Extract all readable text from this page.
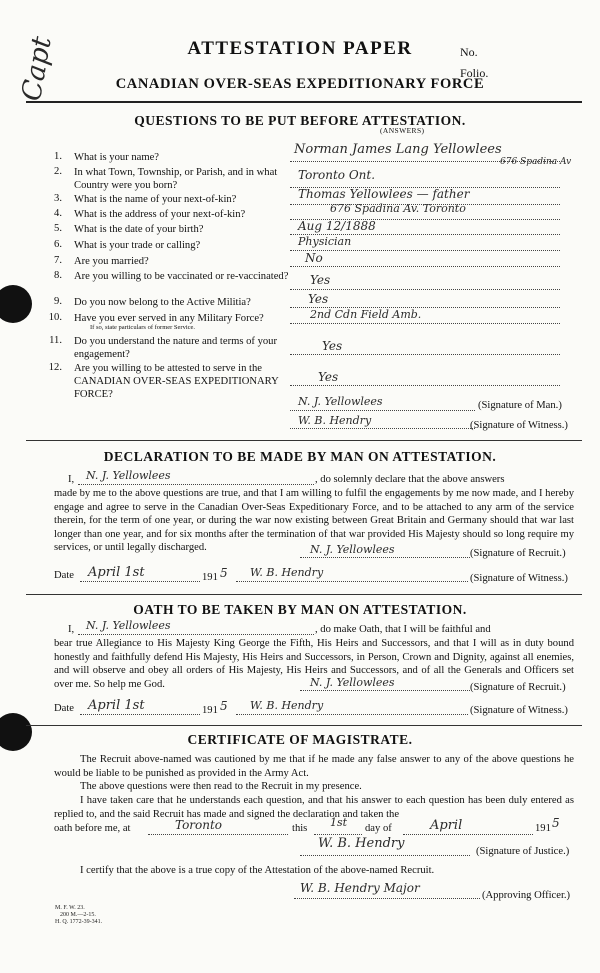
Capt	ATTESTATION PAPER	No.
CANADIAN OVER-SEAS EXPEDITIONARY FORCE
Folio.
QUESTIONS TO BE PUT BEFORE ATTESTATION.
(ANSWERS)
1. What is your name?
Norman James Lang Yellowlees
676 Spadina Av
2. In what Town, Township, or Parish, and in what Country were you born?
Toronto Ont.
3. What is the name of your next-of-kin?	Thomas Yellowlees — father
4. What is the address of your next-of-kin?	676 Spadina Av. Toronto
5. What is the date of your birth?	Aug 12/1888
6. What is your trade or calling?	Physician
7. Are you married?	No
8. Are you willing to be vaccinated or re-vaccinated? Yes
9. Do you now belong to the Active Militia?	Yes
10. Have you ever served in any Military Force?
If so, state particulars of former Service.
2nd Cdn Field Amb.
11. Do you understand the nature and terms of your engagement?
Yes
12. Are you willing to be attested to serve in the CANADIAN OVER-SEAS EXPEDITIONARY FORCE?
Yes
N. J. Yellowlees	(Signature of Man.)
W. B. Hendry	(Signature of Witness.)
DECLARATION TO BE MADE BY MAN ON ATTESTATION.
I, N. J. Yellowlees	, do solemnly declare that the above answers
made by me to the above questions are true, and that I am willing to fulfil the engagements by me now made, and I hereby engage and agree to serve in the Canadian Over-Seas Expeditionary Force, and to be attached to any arm of the service therein, for the term of one year, or during the war now existing between Great Britain and Germany should that war last longer than one year, and for six months after the termination of that war provided His Majesty should so long require my services, or until legally discharged.	N. J. Yellowlees	(Signature of Recruit.)
Date April 1st	191 5 W. B. Hendry	(Signature of Witness.)
OATH TO BE TAKEN BY MAN ON ATTESTATION.
I, N. J. Yellowlees	, do make Oath, that I will be faithful and
bear true Allegiance to His Majesty King George the Fifth, His Heirs and Successors, and that I will as in duty bound honestly and faithfully defend His Majesty, His Heirs and Successors, in Person, Crown and Dignity, against all enemies, and will observe and obey all orders of His Majesty, His Heirs and Successors, and of all the Generals and Officers set over me. So help me God.	N. J. Yellowlees	(Signature of Recruit.)
Date April 1st	191 5 W. B. Hendry	(Signature of Witness.)
CERTIFICATE OF MAGISTRATE.
The Recruit above-named was cautioned by me that if he made any false answer to any of the above questions he would be liable to be punished as provided in the Army Act.
The above questions were then read to the Recruit in my presence.
I have taken care that he understands each question, and that his answer to each question has been duly entered as replied to, and the said Recruit has made and signed the declaration and taken the
oath before me, at	Toronto	this 1st day of	April	191 5
W. B. Hendry
(Signature of Justice.)
I certify that the above is a true copy of the Attestation of the above-named Recruit.
W. B. Hendry Major
(Approving Officer.)
M. F. W. 23.
200 M.—2-15.
H. Q. 1772-39-341.
